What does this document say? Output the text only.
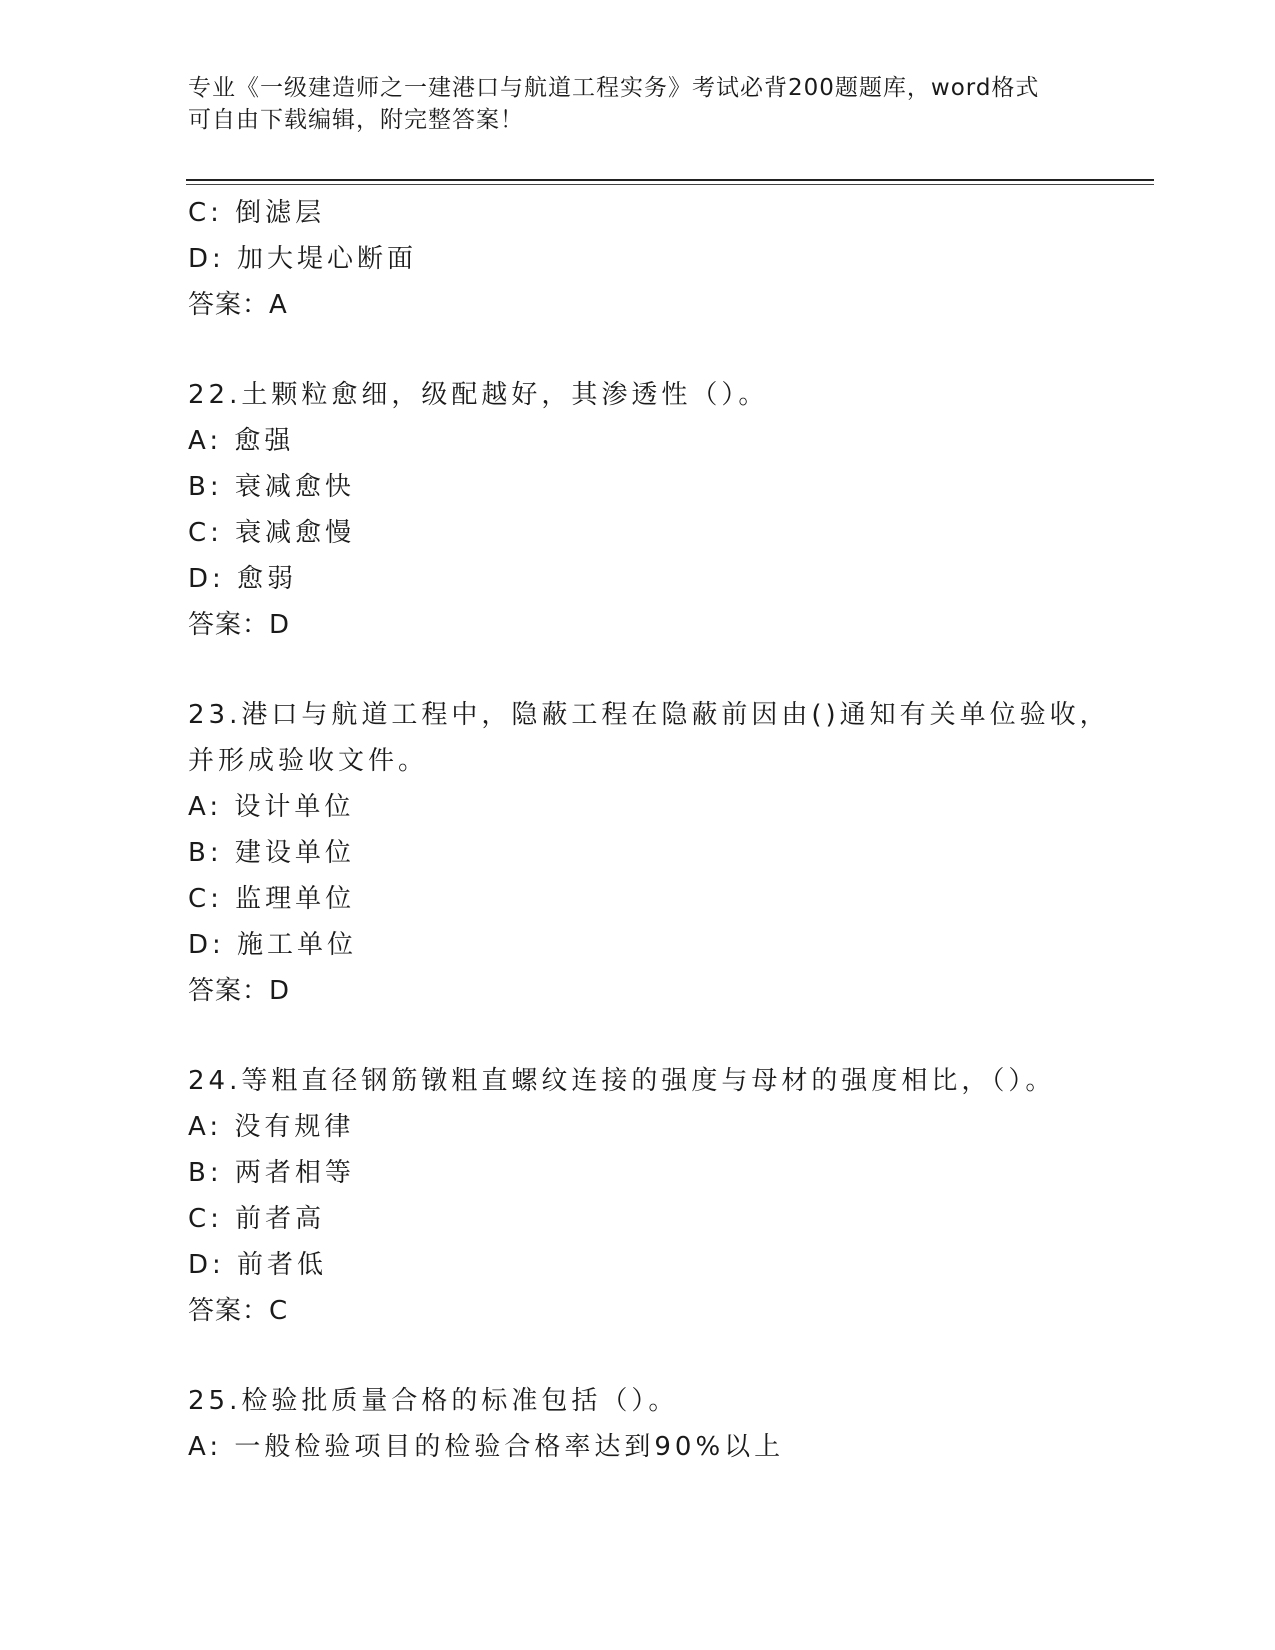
专业《一级建造师之一建港口与航道工程实务》考试必背200题题库，word格式
可自由下载编辑，附完整答案！
C: 倒滤层
D: 加大堤心断面
答案：A
22.土颗粒愈细，级配越好，其渗透性（）。
A: 愈强
B: 衰减愈快
C: 衰减愈慢
D: 愈弱
答案：D
23.港口与航道工程中，隐蔽工程在隐蔽前因由()通知有关单位验收，
并形成验收文件。
A: 设计单位
B: 建设单位
C: 监理单位
D: 施工单位
答案：D
24.等粗直径钢筋镦粗直螺纹连接的强度与母材的强度相比，（）。
A: 没有规律
B: 两者相等
C: 前者高
D: 前者低
答案：C
25.检验批质量合格的标准包括（）。
A: 一般检验项目的检验合格率达到90%以上
